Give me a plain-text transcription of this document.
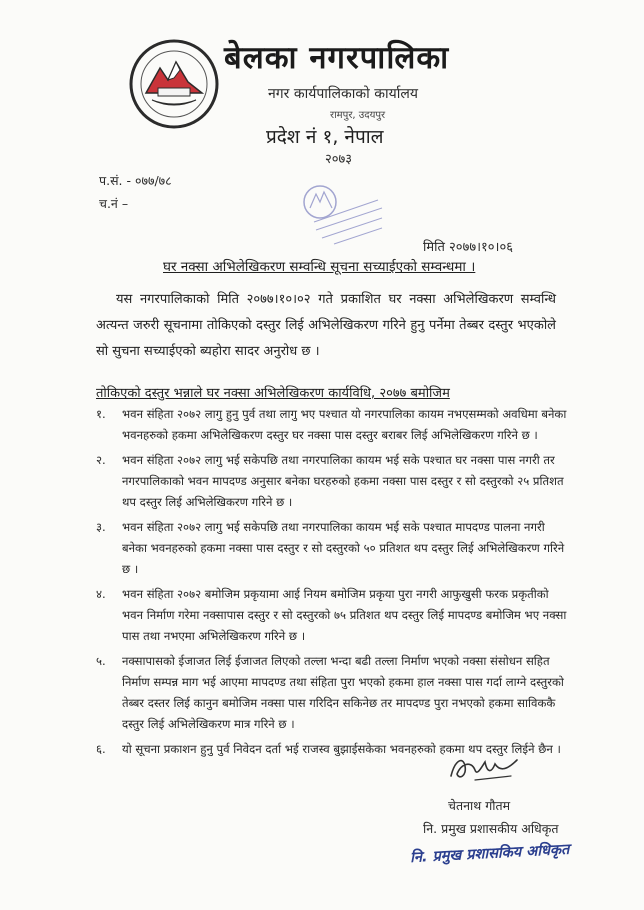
बेलका नगरपालिका
नगर कार्यपालिकाको कार्यालय
रामपुर, उदयपुर
प्रदेश नं १, नेपाल
२०७३
प.सं. - ०७७/७८
च.नं –
मिति २०७७।१०।०६
घर नक्सा अभिलेखिकरण सम्वन्धि सूचना सच्याईएको सम्वन्धमा ।
यस नगरपालिकाको मिति २०७७।१०।०२ गते प्रकाशित घर नक्सा अभिलेखिकरण सम्वन्धि अत्यन्त जरुरी सूचनामा तोकिएको दस्तुर लिई अभिलेखिकरण गरिने हुनु पर्नेमा तेब्बर दस्तुर भएकोले सो सुचना सच्याईएको ब्यहोरा सादर अनुरोध छ ।
तोकिएको दस्तुर भन्नाले घर नक्सा अभिलेखिकरण कार्यविधि, २०७७ बमोजिम
१. भवन संहिता २०७२ लागु हुनु पुर्व तथा लागु भए पश्चात यो नगरपालिका कायम नभएसम्मको अवधिमा बनेका भवनहरुको हकमा अभिलेखिकरण दस्तुर घर नक्सा पास दस्तुर बराबर लिई अभिलेखिकरण गरिने छ ।
२. भवन संहिता २०७२ लागु भई सकेपछि तथा नगरपालिका कायम भई सके पश्चात घर नक्सा पास नगरी तर नगरपालिकाको भवन मापदण्ड अनुसार बनेका घरहरुको हकमा नक्सा पास दस्तुर र सो दस्तुरको २५ प्रतिशत थप दस्तुर लिई अभिलेखिकरण गरिने छ ।
३. भवन संहिता २०७२ लागु भई सकेपछि तथा नगरपालिका कायम भई सके पश्चात मापदण्ड पालना नगरी बनेका भवनहरुको हकमा नक्सा पास दस्तुर र सो दस्तुरको ५० प्रतिशत थप दस्तुर लिई अभिलेखिकरण गरिने छ ।
४. भवन संहिता २०७२ बमोजिम प्रकृयामा आई नियम बमोजिम प्रकृया पुरा नगरी आफुखुसी फरक प्रकृतीको भवन निर्माण गरेमा नक्सापास दस्तुर र सो दस्तुरको ७५ प्रतिशत थप दस्तुर लिई मापदण्ड बमोजिम भए नक्सा पास तथा नभएमा अभिलेखिकरण गरिने छ ।
५. नक्सापासको ईजाजत लिई ईजाजत लिएको तल्ला भन्दा बढी तल्ला निर्माण भएको नक्सा संसोधन सहित निर्माण सम्पन्न माग भई आएमा मापदण्ड तथा संहिता पुरा भएको हकमा हाल नक्सा पास गर्दा लाग्ने दस्तुरको तेब्बर दस्तर लिई कानुन बमोजिम नक्सा पास गरिदिन सकिनेछ तर मापदण्ड पुरा नभएको हकमा साविककै दस्तुर लिई अभिलेखिकरण मात्र गरिने छ ।
६. यो सूचना प्रकाशन हुनु पुर्व निवेदन दर्ता भई राजस्व बुझाईसकेका भवनहरुको हकमा थप दस्तुर लिईने छैन ।
चेतनाथ गौतम
नि. प्रमुख प्रशासकीय अधिकृत
नि. प्रमुख प्रशासकिय अधिकृत
